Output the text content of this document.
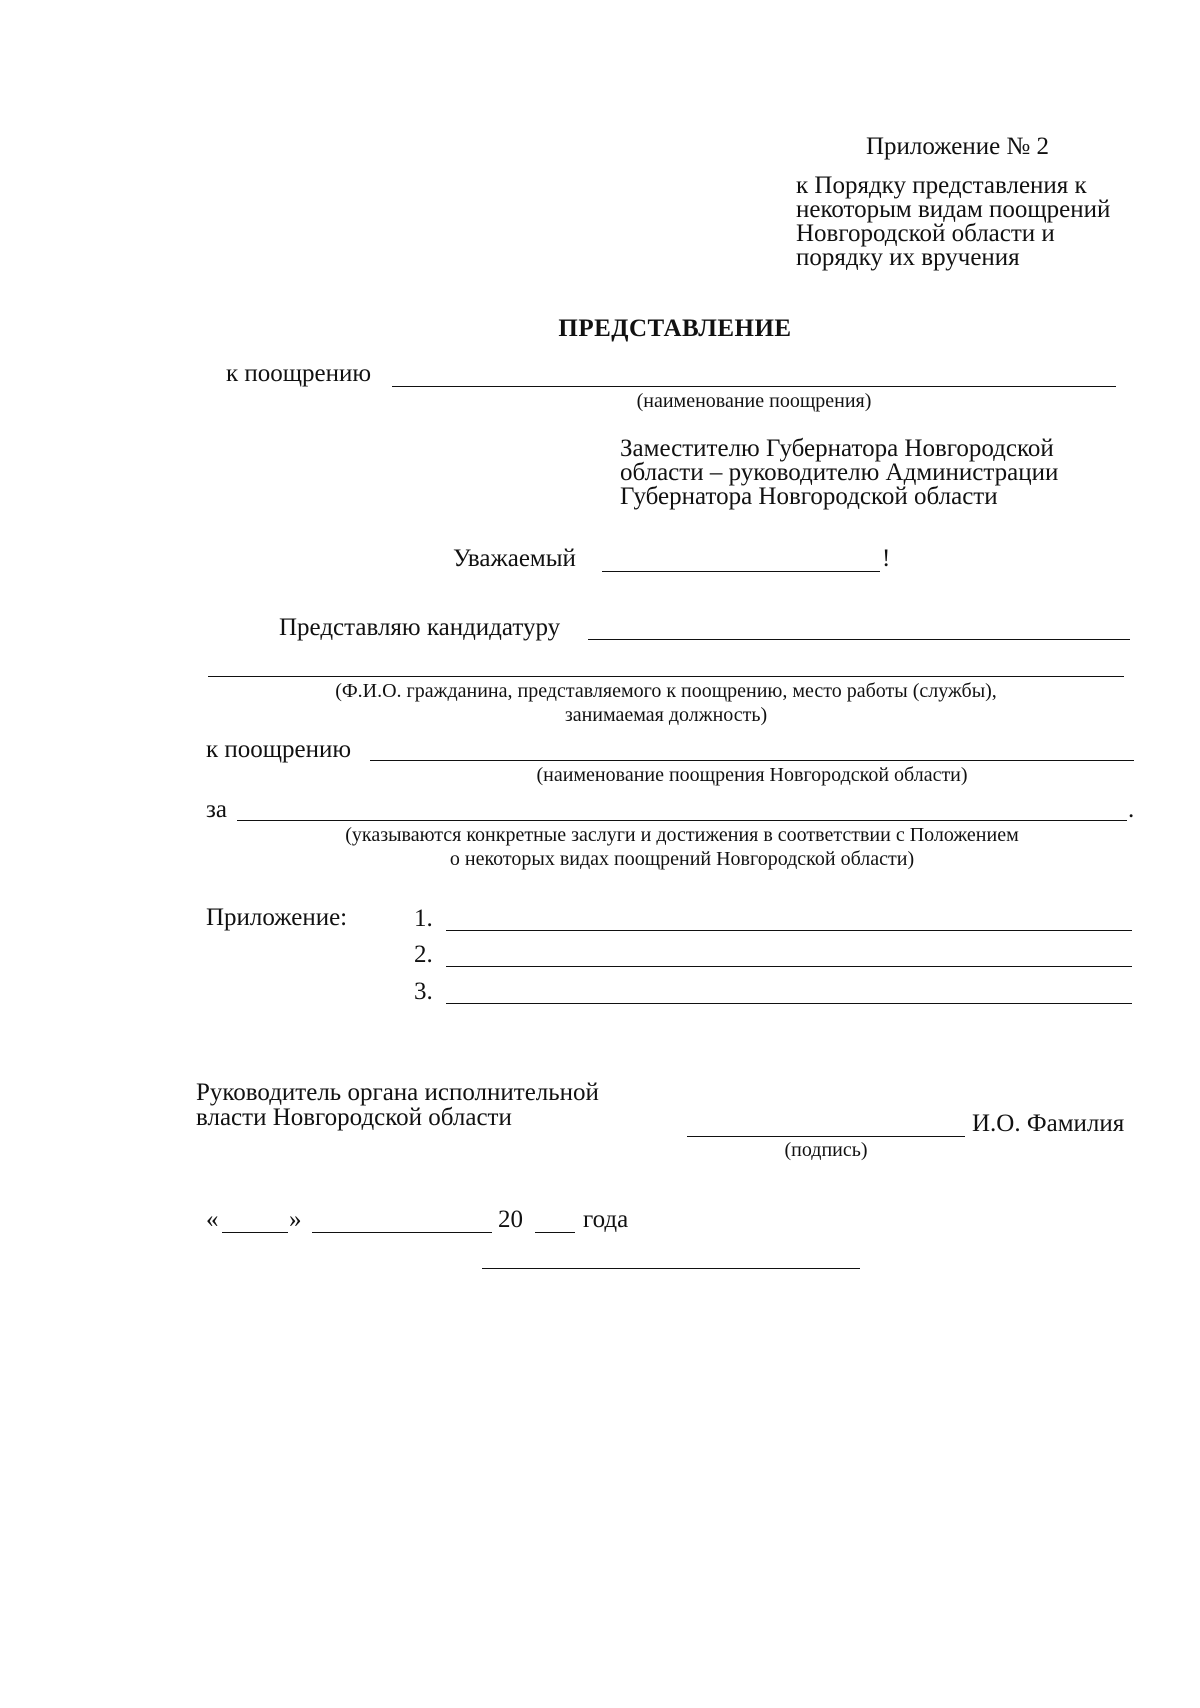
Приложение № 2
к Порядку представления к
некоторым видам поощрений
Новгородской области и
порядку их вручения
ПРЕДСТАВЛЕНИЕ
к поощрению
(наименование поощрения)
Заместителю Губернатора Новгородской
области – руководителю Администрации
Губернатора Новгородской области
Уважаемый	!
Представляю кандидатуру
(Ф.И.О. гражданина, представляемого к поощрению, место работы (службы),
занимаемая должность)
к поощрению
(наименование поощрения Новгородской области)
за	.
(указываются конкретные заслуги и достижения в соответствии с Положением
о некоторых видах поощрений Новгородской области)
Приложение:	1.
2.
3.
Руководитель органа исполнительной
власти Новгородской области	И.О. Фамилия
(подпись)
«	»	20 года
